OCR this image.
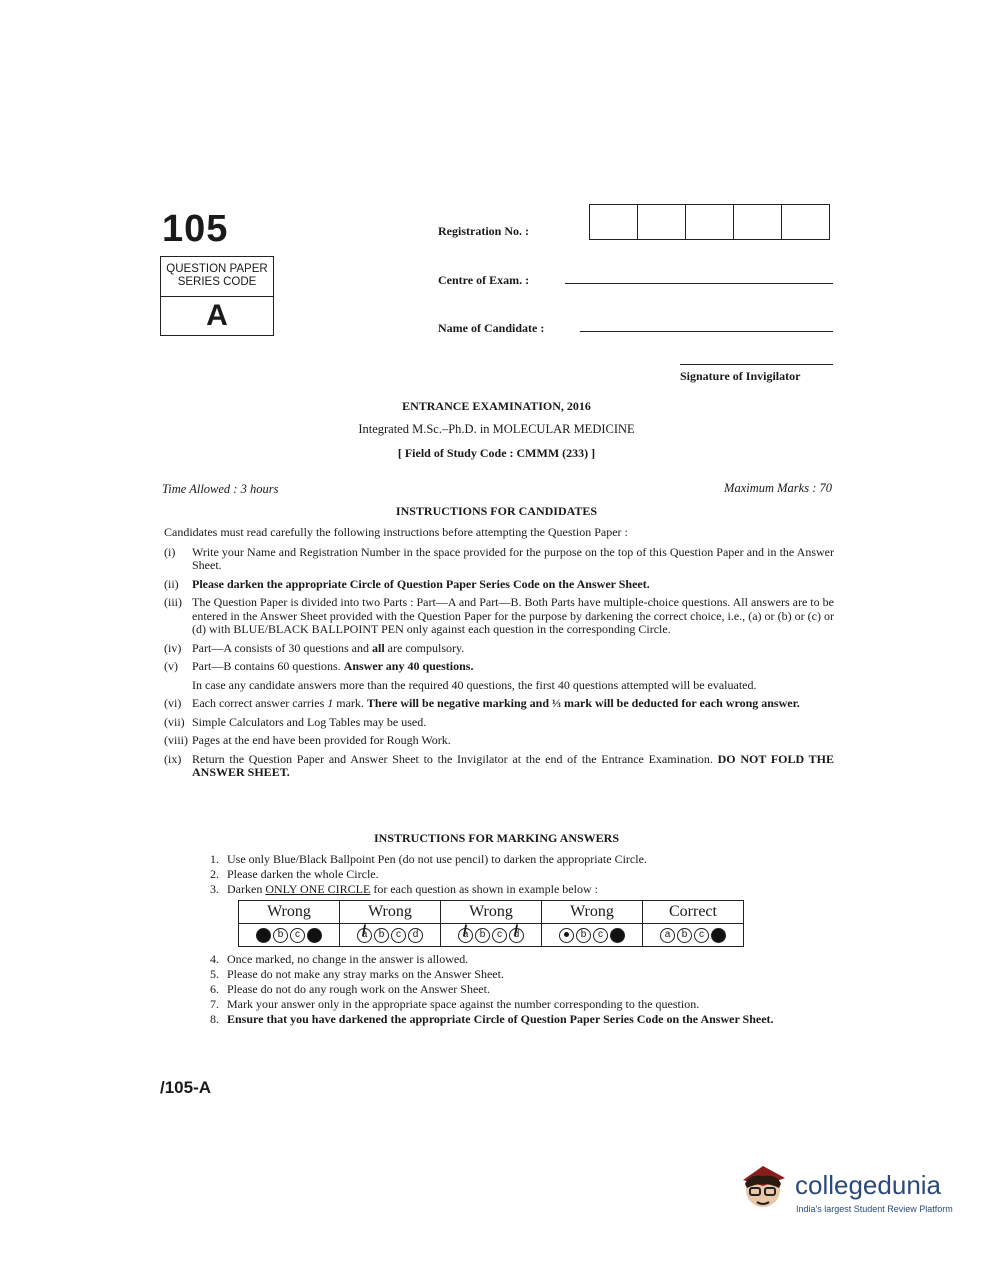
105
QUESTION PAPER
SERIES CODE
A
Registration No. :
Centre of Exam. :
Name of Candidate :
Signature of Invigilator
ENTRANCE EXAMINATION, 2016
Integrated M.Sc.–Ph.D. in MOLECULAR MEDICINE
[ Field of Study Code : CMMM (233) ]
Time Allowed : 3 hours	Maximum Marks : 70
INSTRUCTIONS FOR CANDIDATES
Candidates must read carefully the following instructions before attempting the Question Paper :
(i)	Write your Name and Registration Number in the space provided for the purpose on the top of this Question Paper and in the Answer Sheet.
(ii)	Please darken the appropriate Circle of Question Paper Series Code on the Answer Sheet.
(iii) The Question Paper is divided into two Parts : Part—A and Part—B. Both Parts have multiple-choice questions. All answers are to be entered in the Answer Sheet provided with the Question Paper for the purpose by darkening the correct choice, i.e., (a) or (b) or (c) or (d) with BLUE/BLACK BALLPOINT PEN only against each question in the corresponding Circle.
(iv) Part—A consists of 30 questions and all are compulsory.
(v)	Part—B contains 60 questions. Answer any 40 questions.
In case any candidate answers more than the required 40 questions, the first 40 questions attempted will be evaluated.
(vi) Each correct answer carries 1 mark. There will be negative marking and ⅓ mark will be deducted for each wrong answer.
(vii) Simple Calculators and Log Tables may be used.
(viii) Pages at the end have been provided for Rough Work.
(ix) Return the Question Paper and Answer Sheet to the Invigilator at the end of the Entrance Examination. DO NOT FOLD THE ANSWER SHEET.
INSTRUCTIONS FOR MARKING ANSWERS
1. Use only Blue/Black Ballpoint Pen (do not use pencil) to darken the appropriate Circle.
2. Please darken the whole Circle.
3. Darken ONLY ONE CIRCLE for each question as shown in example below :
Wrong	Wrong	Wrong	Wrong	Correct
a b c d	a / b c d	a / b c d /	b c d	a b c d
4. Once marked, no change in the answer is allowed.
5. Please do not make any stray marks on the Answer Sheet.
6. Please do not do any rough work on the Answer Sheet.
7. Mark your answer only in the appropriate space against the number corresponding to the question.
8. Ensure that you have darkened the appropriate Circle of Question Paper Series Code on the Answer Sheet.
/105-A
collegedunia
India's largest Student Review Platform
